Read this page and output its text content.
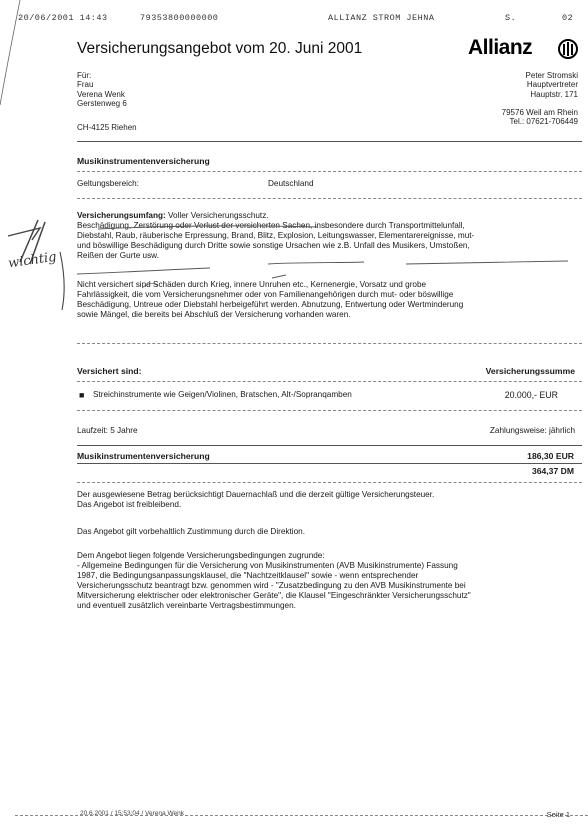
20/06/2001 14:43	79353800000000	ALLIANZ STROM JEHNA	S.	02
Versicherungsangebot vom 20. Juni 2001	Allianz
Für:
Frau
Verena Wenk
Gerstenweg 6
CH-4125 Riehen
Peter Stromski
Hauptvertreter
Hauptstr. 171
79576 Weil am Rhein
Tel.: 07621-706449
Musikinstrumentenversicherung
Geltungsbereich:	Deutschland
Versicherungsumfang: Voller Versicherungsschutz.
Beschädigung, Zerstörung oder Verlust der versicherten Sachen, insbesondere durch Transportmittelunfall,
Diebstahl, Raub, räuberische Erpressung, Brand, Blitz, Explosion, Leitungswasser, Elementarereignisse, mut-
und böswillige Beschädigung durch Dritte sowie sonstige Ursachen wie z.B. Unfall des Musikers, Umstoßen,
Reißen der Gurte usw.
Nicht versichert sind Schäden durch Krieg, innere Unruhen etc., Kernenergie, Vorsatz und grobe
Fahrlässigkeit, die vom Versicherungsnehmer oder von Familienangehörigen durch mut- oder böswillige
Beschädigung, Untreue oder Diebstahl herbeigeführt werden. Abnutzung, Entwertung oder Wertminderung
sowie Mängel, die bereits bei Abschluß der Versicherung vorhanden waren.
Versichert sind:	Versicherungssumme
■ Streichinstrumente wie Geigen/Violinen, Bratschen, Alt-/Sopranqamben	20.000,- EUR
Laufzeit: 5 Jahre	Zahlungsweise: jährlich
Musikinstrumentenversicherung	186,30 EUR
364,37 DM
Der ausgewiesene Betrag berücksichtigt Dauernachlaß und die derzeit gültige Versicherungsteuer.
Das Angebot ist freibleibend.
Das Angebot gilt vorbehaltlich Zustimmung durch die Direktion.
Dem Angebot liegen folgende Versicherungsbedingungen zugrunde:
- Allgemeine Bedingungen für die Versicherung von Musikinstrumenten (AVB Musikinstrumente) Fassung
1987, die Bedingungsanpassungsklausel, die "Nachtzeitklausel" sowie - wenn entsprechender
Versicherungsschutz beantragt bzw. genommen wird - "Zusatzbedingung zu den AVB Musikinstrumente bei
Mitversicherung elektrischer oder elektronischer Geräte", die Klausel "Eingeschränkter Versicherungsschutz"
und eventuell zusätzlich vereinbarte Vertragsbestimmungen.
wichtig
20.6.2001 / 15:53:04 / Verena Wenk	Seite 1
